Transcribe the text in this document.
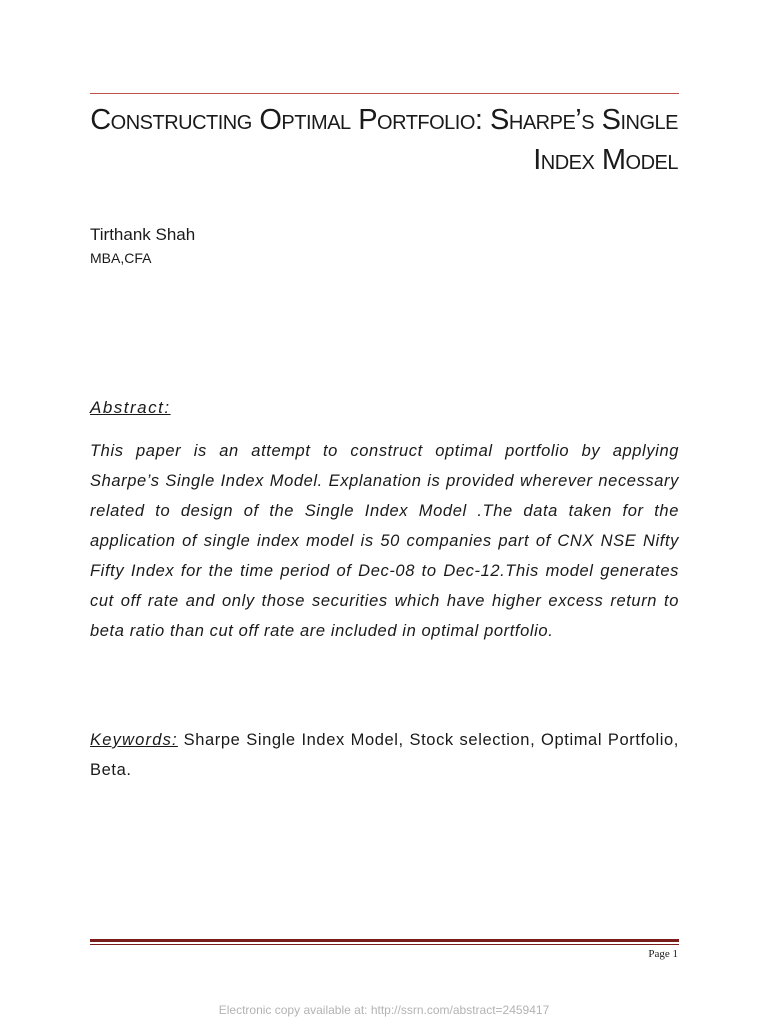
Constructing Optimal Portfolio: Sharpe’s Single
Index Model
Tirthank Shah
MBA,CFA
Abstract:
This paper is an attempt to construct optimal portfolio by applying Sharpe’s Single Index Model. Explanation is provided wherever necessary related to design of the Single Index Model .The data taken for the application of single index model is 50 companies part of CNX NSE Nifty Fifty Index for the time period of Dec-08 to Dec-12.This model generates cut off rate and only those securities which have higher excess return to beta ratio than cut off rate are included in optimal portfolio.
Keywords: Sharpe Single Index Model, Stock selection, Optimal Portfolio, Beta.
Page 1
Electronic copy available at: http://ssrn.com/abstract=2459417
